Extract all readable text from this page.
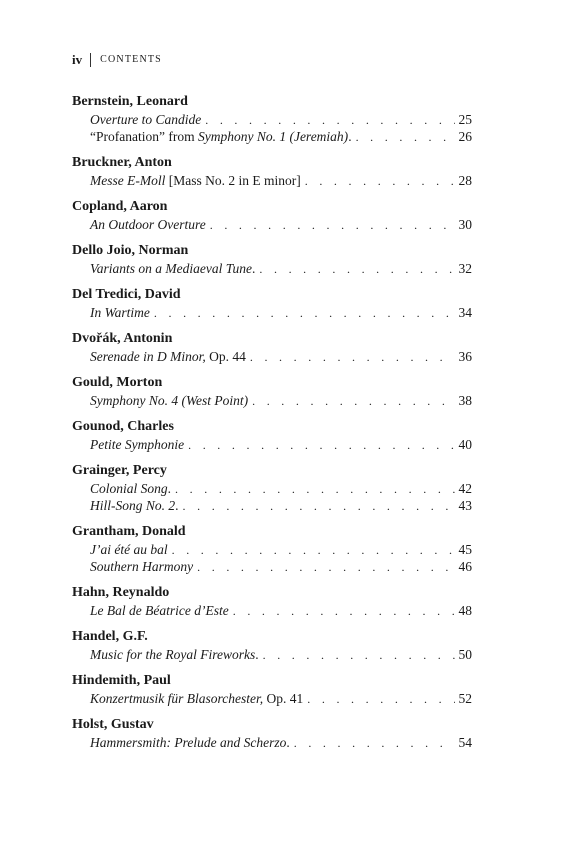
iv CONTENTS
Bernstein, Leonard
Overture to Candide . . .	25
“Profanation” from Symphony No. 1 (Jeremiah). . . .	26
Bruckner, Anton
Messe E-Moll [Mass No. 2 in E minor] . . .	28
Copland, Aaron
An Outdoor Overture . . .	30
Dello Joio, Norman
Variants on a Mediaeval Tune. . . .	32
Del Tredici, David
In Wartime . . .	34
Dvořák, Antonin
Serenade in D Minor, Op. 44 . . .	36
Gould, Morton
Symphony No. 4 (West Point) . . .	38
Gounod, Charles
Petite Symphonie . . .	40
Grainger, Percy
Colonial Song. . . .	42
Hill-Song No. 2. . . .	43
Grantham, Donald
J’ai été au bal . . .	45
Southern Harmony . . .	46
Hahn, Reynaldo
Le Bal de Béatrice d’Este . . .	48
Handel, G.F.
Music for the Royal Fireworks. . . .	50
Hindemith, Paul
Konzertmusik für Blasorchester, Op. 41 . . .	52
Holst, Gustav
Hammersmith: Prelude and Scherzo. . . .	54
